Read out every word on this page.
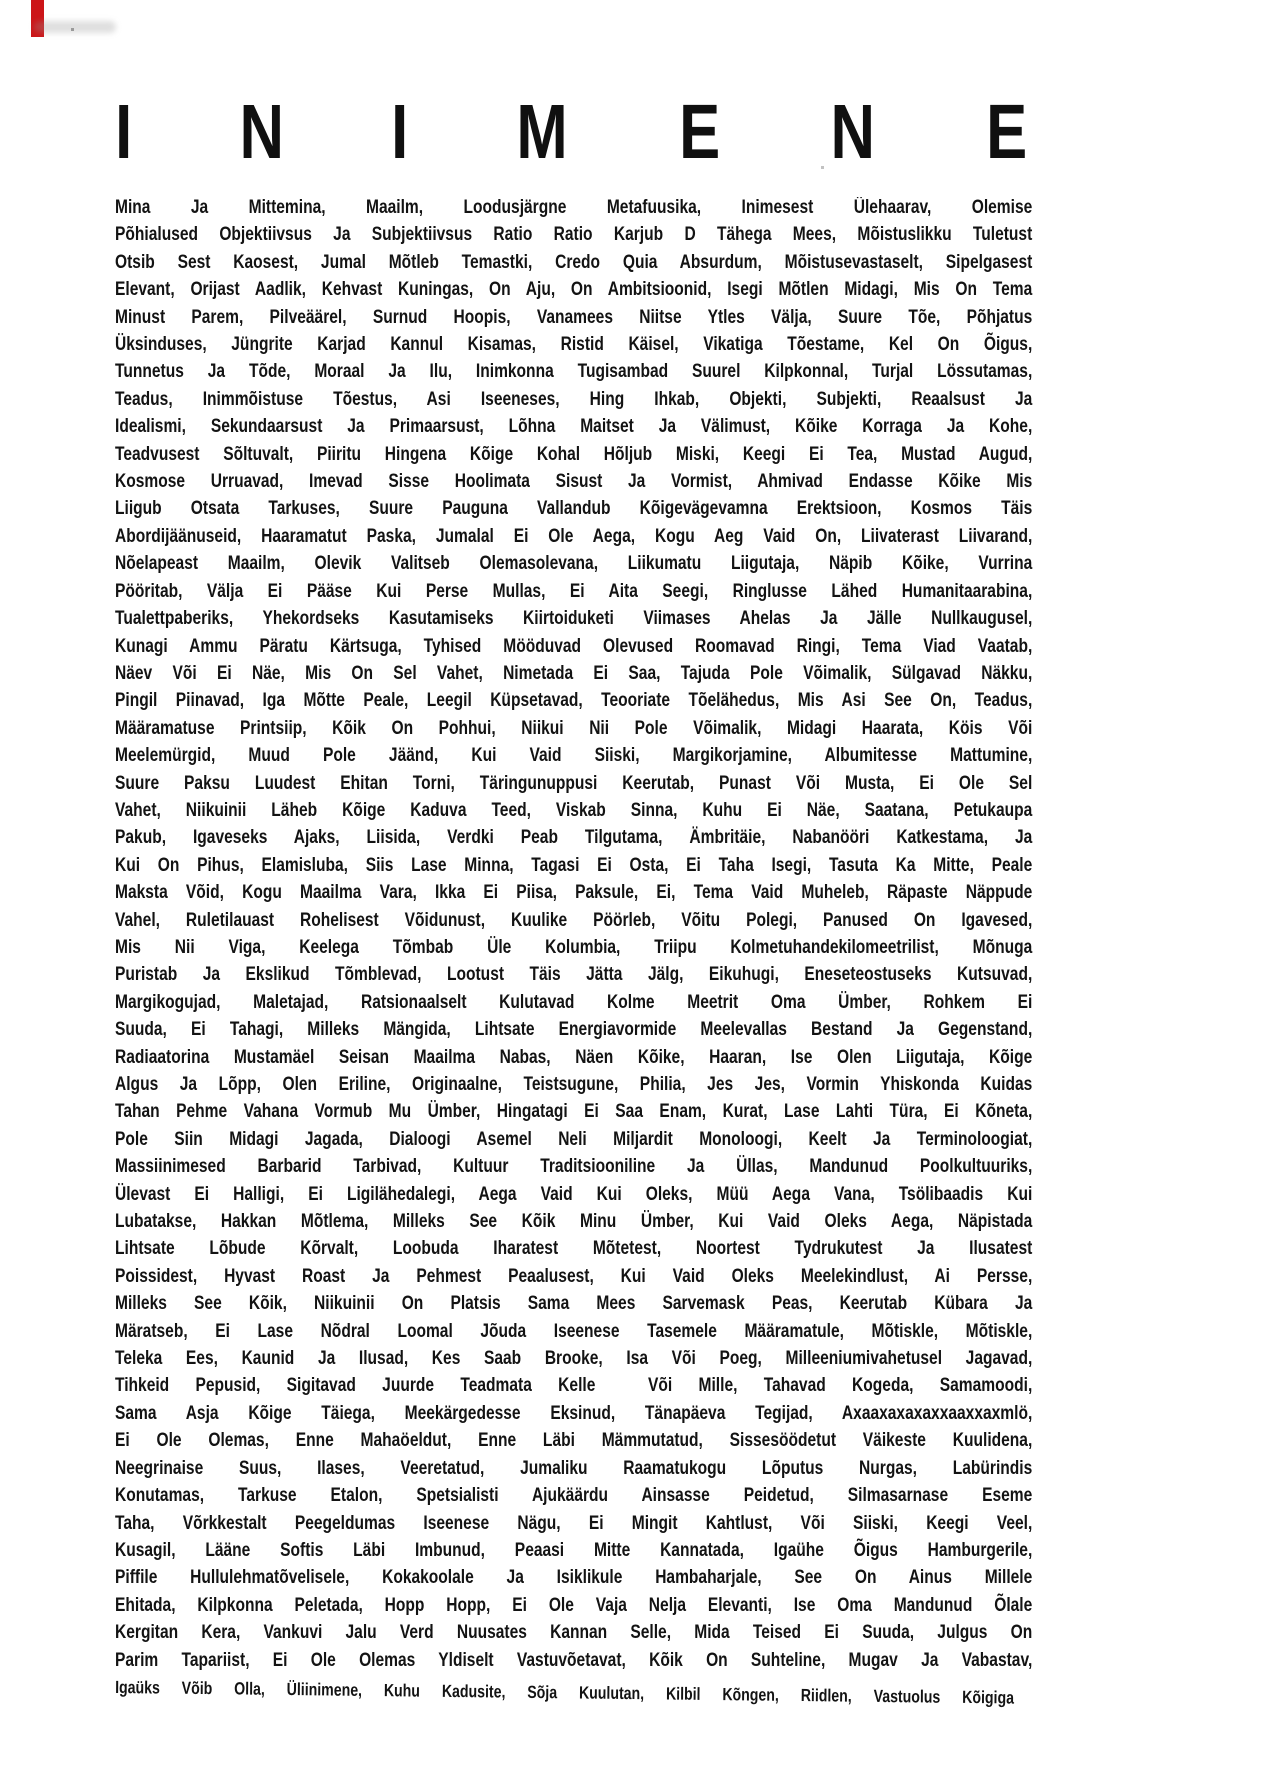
I N I M E N E
Mina Ja Mittemina, Maailm, Loodusjärgne Metafuusika, Inimesest Ülehaarav, Olemise
Põhialused Objektiivsus Ja Subjektiivsus Ratio Ratio Karjub D Tähega Mees, Mõistuslikku Tuletust
Otsib Sest Kaosest, Jumal Mõtleb Temastki, Credo Quia Absurdum, Mõistusevastaselt, Sipelgasest
Elevant, Orijast Aadlik, Kehvast Kuningas, On Aju, On Ambitsioonid, Isegi Mõtlen Midagi, Mis On Tema
Minust Parem, Pilveäärel, Surnud Hoopis, Vanamees Niitse Ytles Välja, Suure Tõe, Põhjatus
Üksinduses, Jüngrite Karjad Kannul Kisamas, Ristid Käisel, Vikatiga Tõestame, Kel On Õigus,
Tunnetus Ja Tõde, Moraal Ja Ilu, Inimkonna Tugisambad Suurel Kilpkonnal, Turjal Lössutamas,
Teadus, Inimmõistuse Tõestus, Asi Iseeneses, Hing Ihkab, Objekti, Subjekti, Reaalsust Ja
Idealismi, Sekundaarsust Ja Primaarsust, Lõhna Maitset Ja Välimust, Kõike Korraga Ja Kohe,
Teadvusest Sõltuvalt, Piiritu Hingena Kõige Kohal Hõljub Miski, Keegi Ei Tea, Mustad Augud,
Kosmose Urruavad, Imevad Sisse Hoolimata Sisust Ja Vormist, Ahmivad Endasse Kõike Mis
Liigub Otsata Tarkuses, Suure Pauguna Vallandub Kõigevägevamna Erektsioon, Kosmos Täis
Abordijäänuseid, Haaramatut Paska, Jumalal Ei Ole Aega, Kogu Aeg Vaid On, Liivaterast Liivarand,
Nõelapeast Maailm, Olevik Valitseb Olemasolevana, Liikumatu Liigutaja, Näpib Kõike, Vurrina
Pööritab, Välja Ei Pääse Kui Perse Mullas, Ei Aita Seegi, Ringlusse Lähed Humanitaarabina,
Tualettpaberiks, Yhekordseks Kasutamiseks Kiirtoiduketi Viimases Ahelas Ja Jälle Nullkaugusel,
Kunagi Ammu Päratu Kärtsuga, Tyhised Mööduvad Olevused Roomavad Ringi, Tema Viad Vaatab,
Näev Või Ei Näe, Mis On Sel Vahet, Nimetada Ei Saa, Tajuda Pole Võimalik, Sülgavad Näkku,
Pingil Piinavad, Iga Mõtte Peale, Leegil Küpsetavad, Teooriate Tõelähedus, Mis Asi See On, Teadus,
Määramatuse Printsiip, Kõik On Pohhui, Niikui Nii Pole Võimalik, Midagi Haarata, Köis Või
Meelemürgid, Muud Pole Jäänd, Kui Vaid Siiski, Margikorjamine, Albumitesse Mattumine,
Suure Paksu Luudest Ehitan Torni, Täringunuppusi Keerutab, Punast Või Musta, Ei Ole Sel
Vahet, Niikuinii Läheb Kõige Kaduva Teed, Viskab Sinna, Kuhu Ei Näe, Saatana, Petukaupa
Pakub, Igaveseks Ajaks, Liisida, Verdki Peab Tilgutama, Ämbritäie, Nabanööri Katkestama, Ja
Kui On Pihus, Elamisluba, Siis Lase Minna, Tagasi Ei Osta, Ei Taha Isegi, Tasuta Ka Mitte, Peale
Maksta Võid, Kogu Maailma Vara, Ikka Ei Piisa, Paksule, Ei, Tema Vaid Muheleb, Räpaste Näppude
Vahel, Ruletilauast Rohelisest Võidunust, Kuulike Pöörleb, Võitu Polegi, Panused On Igavesed,
Mis Nii Viga, Keelega Tõmbab Üle Kolumbia, Triipu Kolmetuhandekilomeetrilist, Mõnuga
Puristab Ja Ekslikud Tõmblevad, Lootust Täis Jätta Jälg, Eikuhugi, Eneseteostuseks Kutsuvad,
Margikogujad, Maletajad, Ratsionaalselt Kulutavad Kolme Meetrit Oma Ümber, Rohkem Ei
Suuda, Ei Tahagi, Milleks Mängida, Lihtsate Energiavormide Meelevallas Bestand Ja Gegenstand,
Radiaatorina Mustamäel Seisan Maailma Nabas, Näen Kõike, Haaran, Ise Olen Liigutaja, Kõige
Algus Ja Lõpp, Olen Eriline, Originaalne, Teistsugune, Philia, Jes Jes, Vormin Yhiskonda Kuidas
Tahan Pehme Vahana Vormub Mu Ümber, Hingatagi Ei Saa Enam, Kurat, Lase Lahti Türa, Ei Kõneta,
Pole Siin Midagi Jagada, Dialoogi Asemel Neli Miljardit Monoloogi, Keelt Ja Terminoloogiat,
Massiinimesed Barbarid Tarbivad, Kultuur Traditsiooniline Ja Üllas, Mandunud Poolkultuuriks,
Ülevast Ei Halligi, Ei Ligilähedalegi, Aega Vaid Kui Oleks, Müü Aega Vana, Tsölibaadis Kui
Lubatakse, Hakkan Mõtlema, Milleks See Kõik Minu Ümber, Kui Vaid Oleks Aega, Näpistada
Lihtsate Lõbude Kõrvalt, Loobuda Iharatest Mõtetest, Noortest Tydrukutest Ja Ilusatest
Poissidest, Hyvast Roast Ja Pehmest Peaalusest, Kui Vaid Oleks Meelekindlust, Ai Persse,
Milleks See Kõik, Niikuinii On Platsis Sama Mees Sarvemask Peas, Keerutab Kübara Ja
Märatseb, Ei Lase Nõdral Loomal Jõuda Iseenese Tasemele Määramatule, Mõtiskle, Mõtiskle,
Teleka Ees, Kaunid Ja Ilusad, Kes Saab Brooke, Isa Või Poeg, Milleeniumivahetusel Jagavad,
Tihkeid Pepusid, Sigitavad Juurde Teadmata Kelle  Või Mille, Tahavad Kogeda, Samamoodi,
Sama Asja Kõige Täiega, Meekärgedesse Eksinud, Tänapäeva Tegijad, Axaaxaxaxaxxaaxxaxmlö,
Ei Ole Olemas, Enne Mahaöeldut, Enne Läbi Mämmutatud, Sissesöödetut Väikeste Kuulidena,
Neegrinaise Suus, Ilases, Veeretatud, Jumaliku Raamatukogu Lõputus Nurgas, Labürindis
Konutamas, Tarkuse Etalon, Spetsialisti Ajukäärdu Ainsasse Peidetud, Silmasarnase Eseme
Taha, Võrkkestalt Peegeldumas Iseenese Nägu, Ei Mingit Kahtlust, Või Siiski, Keegi Veel,
Kusagil, Lääne Softis Läbi Imbunud, Peaasi Mitte Kannatada, Igaühe Õigus Hamburgerile,
Piffile Hullulehmatõvelisele, Kokakoolale Ja Isiklikule Hambaharjale, See On Ainus Millele
Ehitada, Kilpkonna Peletada, Hopp Hopp, Ei Ole Vaja Nelja Elevanti, Ise Oma Mandunud Õlale
Kergitan Kera, Vankuvi Jalu Verd Nuusates Kannan Selle, Mida Teised Ei Suuda, Julgus On
Parim Tapariist, Ei Ole Olemas Yldiselt Vastuvõetavat, Kõik On Suhteline, Mugav Ja Vabastav,
Igaüks Võib Olla, Üliinimene, Kuhu Kadusite, Sõja Kuulutan, Kilbil Kõngen, Riidlen, Vastuolus Kõigiga
